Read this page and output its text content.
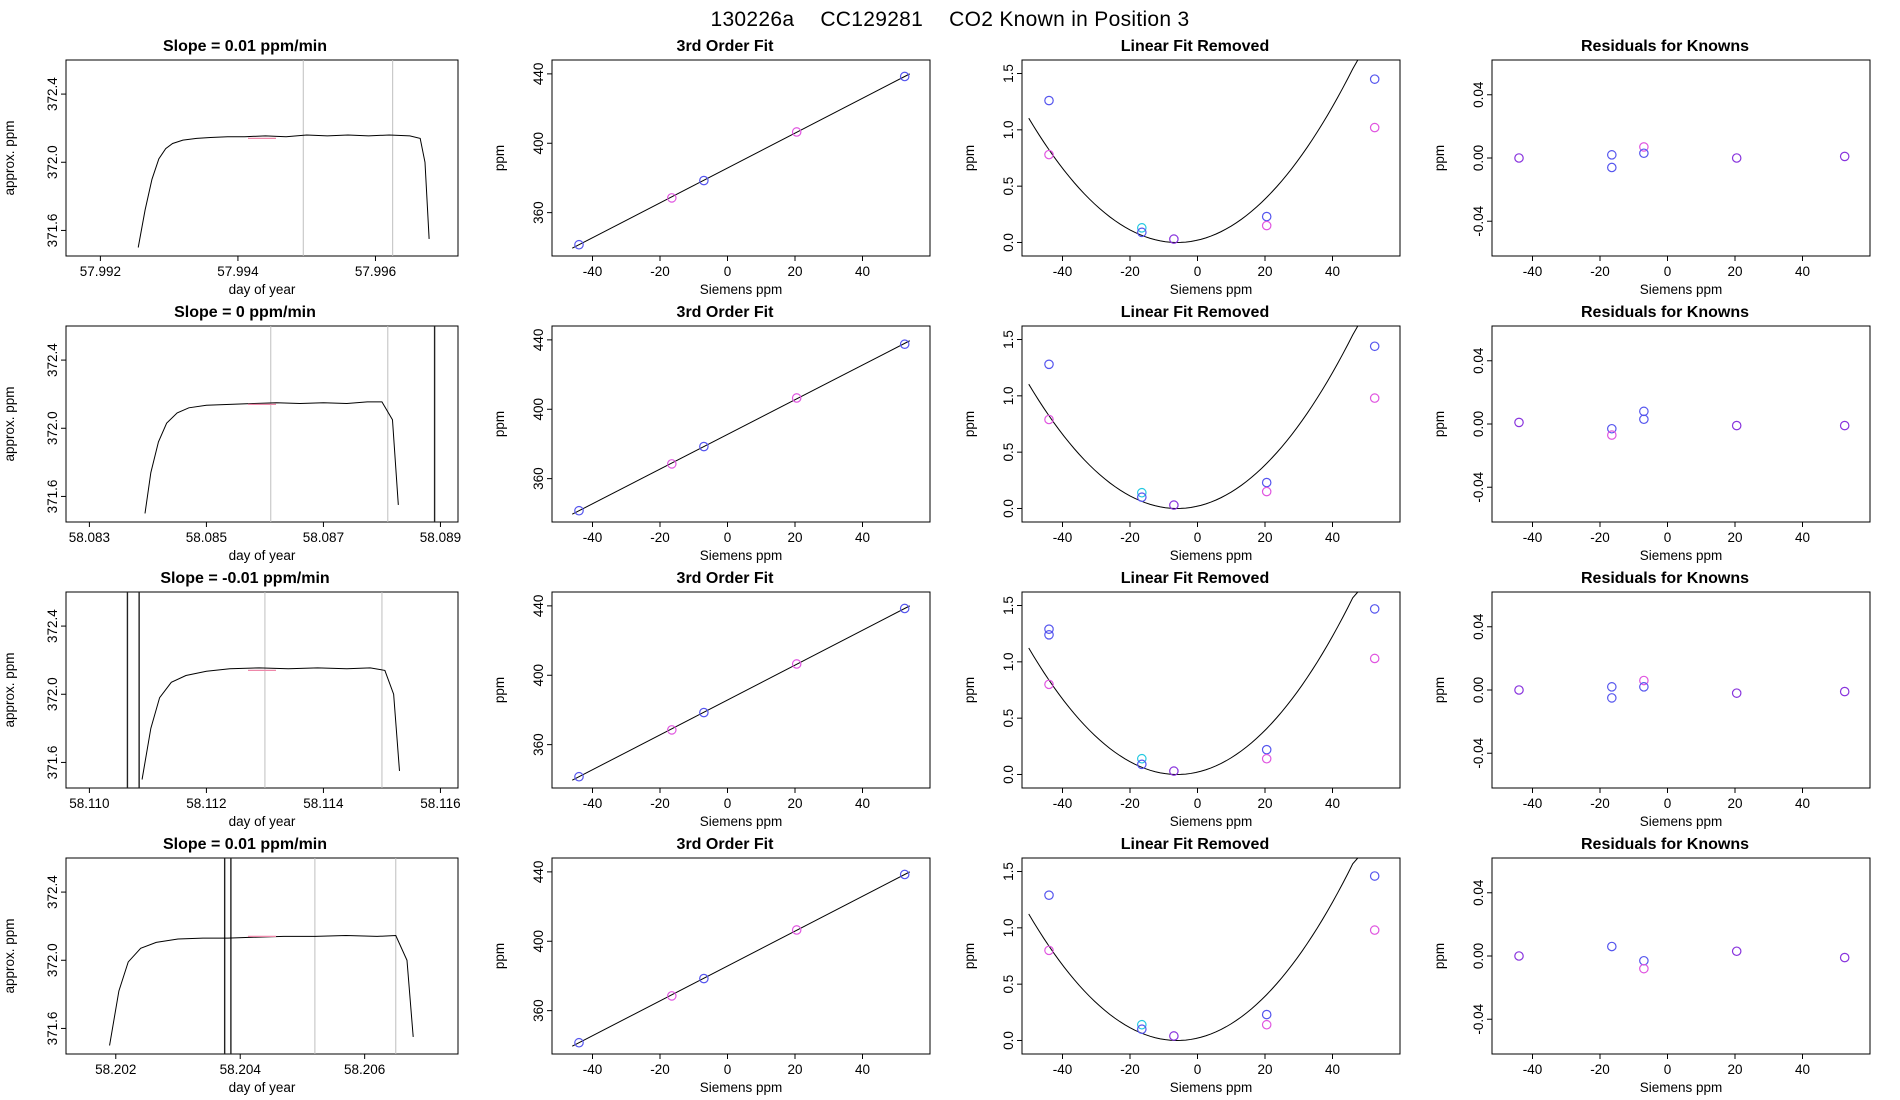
130226a CC129281 CO2 Known in Position 3
Slope = 0.01 ppm/min
57.992	57.994	57.996
371.6
372.0
372.4
day of year
approx. ppm
3rd Order Fit
-40	-20	0	20	40
360
400
440
Siemens ppm
ppm
Linear Fit Removed
-40	-20	0	20	40
0.0
0.5
1.0
1.5
Siemens ppm
ppm
Residuals for Knowns
-40	-20	0	20	40
-0.04
0.00
0.04
Siemens ppm
ppm
Slope = 0 ppm/min
58.083	58.085	58.087	58.089
371.6
372.0
372.4
day of year
approx. ppm
3rd Order Fit
-40	-20	0	20	40
360
400
440
Siemens ppm
ppm
Linear Fit Removed
-40	-20	0	20	40
0.0
0.5
1.0
1.5
Siemens ppm
ppm
Residuals for Knowns
-40	-20	0	20	40
-0.04
0.00
0.04
Siemens ppm
ppm
Slope = -0.01 ppm/min
58.110	58.112	58.114	58.116
371.6
372.0
372.4
day of year
approx. ppm
3rd Order Fit
-40	-20	0	20	40
360
400
440
Siemens ppm
ppm
Linear Fit Removed
-40	-20	0	20	40
0.0
0.5
1.0
1.5
Siemens ppm
ppm
Residuals for Knowns
-40	-20	0	20	40
-0.04
0.00
0.04
Siemens ppm
ppm
Slope = 0.01 ppm/min
58.202	58.204	58.206
371.6
372.0
372.4
day of year
approx. ppm
3rd Order Fit
-40	-20	0	20	40
360
400
440
Siemens ppm
ppm
Linear Fit Removed
-40	-20	0	20	40
0.0
0.5
1.0
1.5
Siemens ppm
ppm
Residuals for Knowns
-40	-20	0	20	40
-0.04
0.00
0.04
Siemens ppm
ppm
